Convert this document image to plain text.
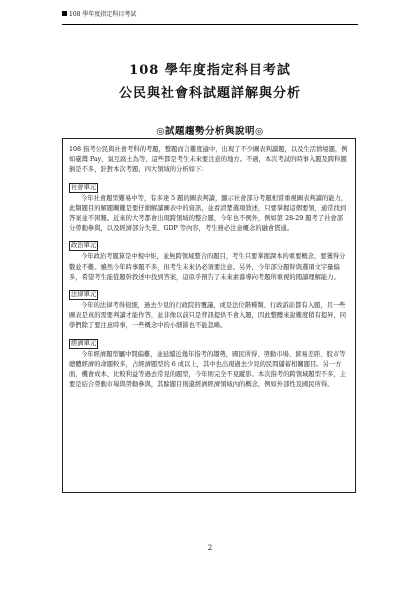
108 學年度指定科目考試
108 學年度指定科目考試
公民與社會科試題詳解與分析
◎試題趨勢分析與說明◎

108 指考公民與社會考科的考題，整題而言難度適中，出現了不少圖表判讀題，以及生活情境題，例如臺灣 Pay、氣互腐士為等，這些都是考生未來要注意的地方。不過，本次考試的時事入題及跨科題倒是不多，針對本次考題，四大領域的分析如下：

社會單元

今年社會題型難易中等，有多達 5 題的圖表判讀，顯示社會部分考題相當重視圖表判讀的能力，此類題目的解題關鍵是要仔細解讀圖表中的資訊，並看清楚選項敘述，只要掌握這個要領，通常找到答案並不困難。近來的大考都會出現跨領域的整合題，今年也不例外，例如第 28-29 題考了社會部分勞動參與，以及經濟部分失業、GDP 等內容，考生務必注意概念的融會貫通。

政治單元

今年政治考題算是中規中矩，並無跨領域整合的題目，考生只要掌握課本的重要概念，要獲得分數並不難。雖然今年時事題不多，但考生未來仍必須要注意。另外，今年部分題幹與選項文字量偏多，希望考生能從題幹敘述中找到答案，這似乎預告了未來素養導向考題所重視的閱讀理解能力。

法律單元

今年的法律考得很細，過去少見的行政院的覆議，或是法位階種類、行政訴訟都有入題，且一些圖表是真的需要判讀才能作答，並非像以前只是背訊提供不會入題，因此整體來說難度稍有提昇，同學們除了要注意時事，一些概念中的小細節也不能忽略。

經濟單元

今年經濟題型屬中間偏難，並延續近幾年指考的趨勢，國民所得、勞動市場、貿易差距、股市等總體經濟的命題較多，占經濟題型的 6 成以上，其中也出現過去少見的民間儲蓄相關題目。另一方面，機會成本、比較利益等過去常見的題型，今年則完全不見蹤影。本次指考的跨領域題型不多，主要是結合勞動市場與勞動參與，其餘題目則還經濟經濟領域內的概念，例如外部性及國民所得。

2
